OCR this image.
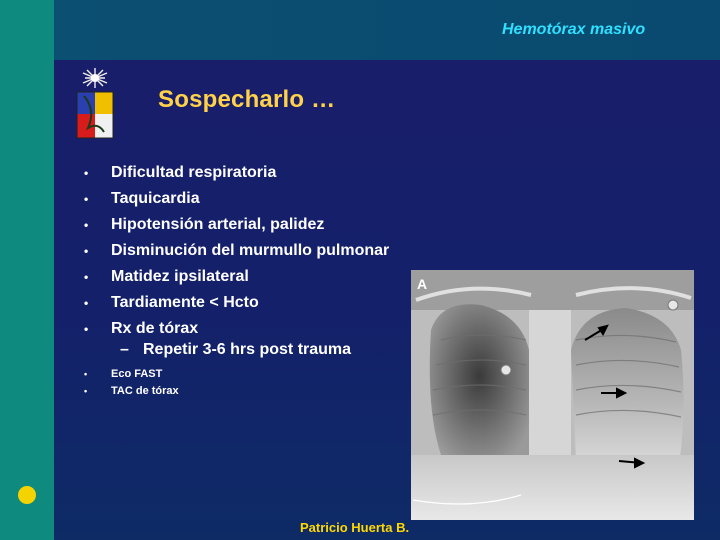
Hemotórax masivo
Sospecharlo …
• Dificultad respiratoria
• Taquicardia
• Hipotensión arterial, palidez
• Disminución del murmullo pulmonar
• Matidez ipsilateral
• Tardiamente < Hcto
• Rx de tórax
– Repetir 3-6 hrs post trauma
• Eco FAST
• TAC de tórax
A
Patricio Huerta B.
